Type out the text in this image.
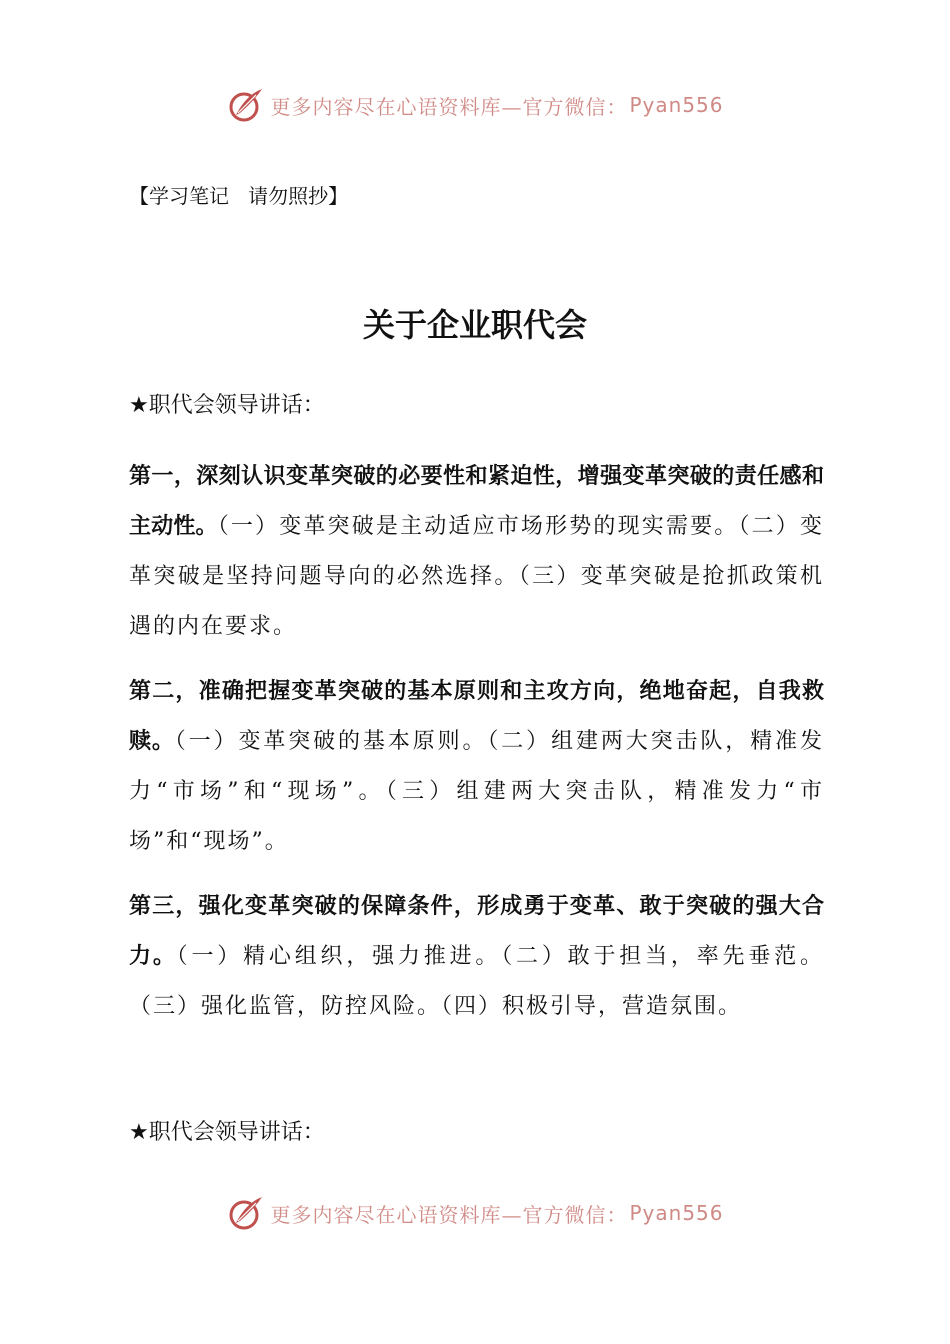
更多内容尽在心语资料库—官方微信： Pyan556
【学习笔记   请勿照抄】
关于企业职代会
★职代会领导讲话：
第一，深刻认识变革突破的必要性和紧迫性，增强变革突破的责任感和主动性。（一）变革突破是主动适应市场形势的现实需要。（二）变革突破是坚持问题导向的必然选择。（三）变革突破是抢抓政策机遇的内在要求。
第二，准确把握变革突破的基本原则和主攻方向，绝地奋起，自我救赎。（一）变革突破的基本原则。（二）组建两大突击队，精准发力“市场”和“现场”。（三）组建两大突击队，精准发力“市场”和“现场”。
第三，强化变革突破的保障条件，形成勇于变革、敢于突破的强大合力。（一）精心组织，强力推进。（二）敢于担当，率先垂范。（三）强化监管，防控风险。（四）积极引导，营造氛围。
★职代会领导讲话：
更多内容尽在心语资料库—官方微信： Pyan556
